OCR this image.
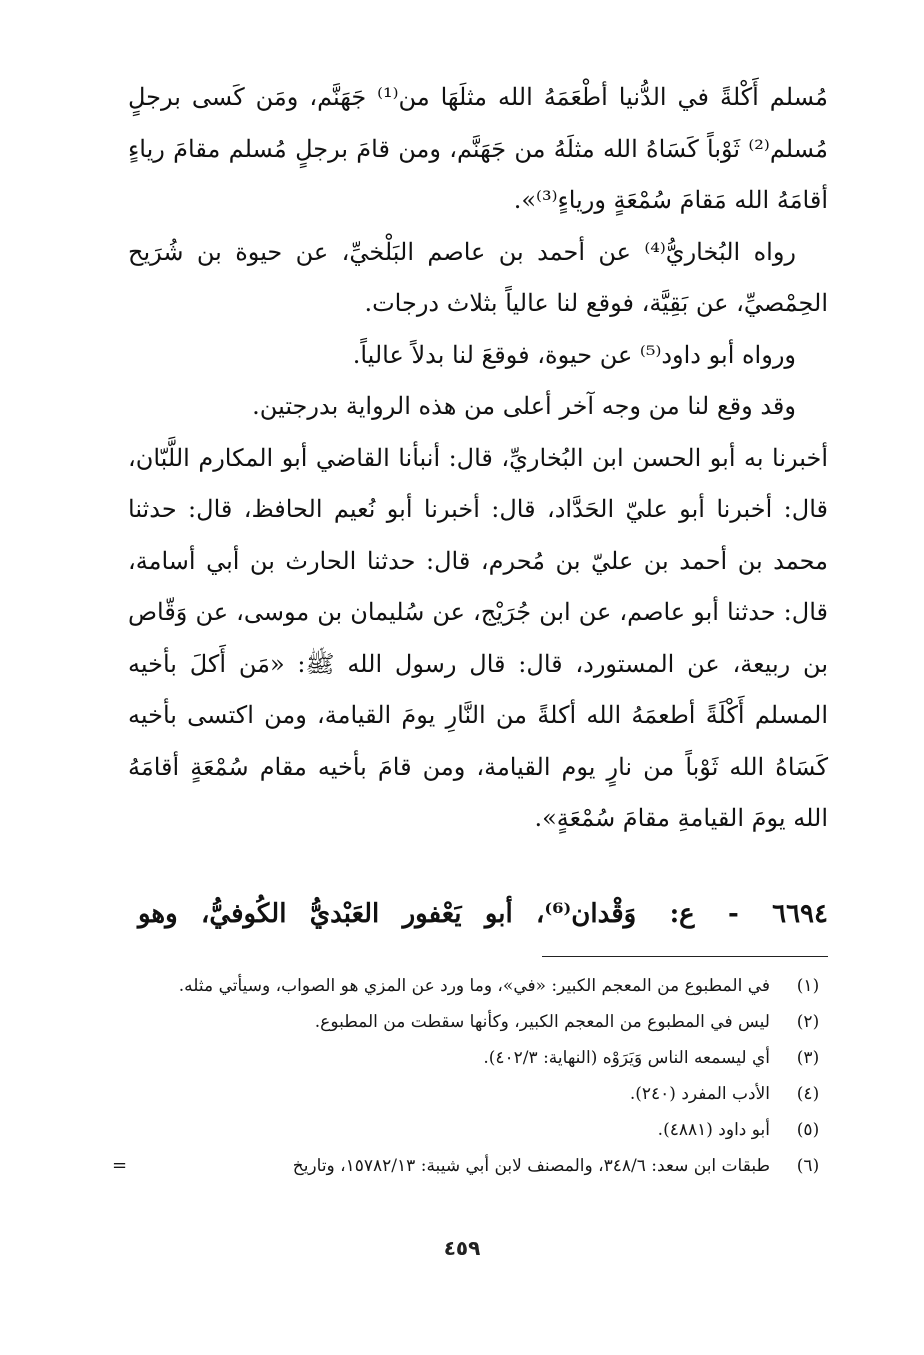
مُسلم أَكْلةً في الدُّنيا أطْعَمَهُ الله مثلَهَا من⁽¹⁾ جَهَنَّم، ومَن كَسى برجلٍ مُسلم⁽²⁾ ثَوْباً كَسَاهُ الله مثلَهُ من جَهَنَّم، ومن قامَ برجلٍ مُسلم مقامَ رياءٍ أقامَهُ الله مَقامَ سُمْعَةٍ ورياءٍ⁽³⁾».

رواه البُخاريُّ⁽⁴⁾ عن أحمد بن عاصم البَلْخيِّ، عن حيوة بن شُرَيح الحِمْصيِّ، عن بَقِيَّة، فوقع لنا عالياً بثلاث درجات.

ورواه أبو داود⁽⁵⁾ عن حيوة، فوقعَ لنا بدلاً عالياً.

وقد وقع لنا من وجه آخر أعلى من هذه الرواية بدرجتين.

أخبرنا به أبو الحسن ابن البُخاريِّ، قال: أنبأنا القاضي أبو المكارم اللَّبّان، قال: أخبرنا أبو عليّ الحَدَّاد، قال: أخبرنا أبو نُعيم الحافظ، قال: حدثنا محمد بن أحمد بن عليّ بن مُحرم، قال: حدثنا الحارث بن أبي أسامة، قال: حدثنا أبو عاصم، عن ابن جُرَيْج، عن سُليمان بن موسى، عن وَقّاص بن ربيعة، عن المستورد، قال: قال رسول الله ﷺ: «مَن أَكلَ بأخيه المسلم أَكْلَةً أطعمَهُ الله أكلةً من النَّارِ يومَ القيامة، ومن اكتسى بأخيه كَسَاهُ الله ثَوْباً من نارٍ يوم القيامة، ومن قامَ بأخيه مقام سُمْعَةٍ أقامَهُ الله يومَ القيامةِ مقامَ سُمْعَةٍ».

٦٦٩٤ - ع: وَقْدان⁽⁶⁾، أبو يَعْفور العَبْديُّ الكُوفيُّ، وهو
(١)
في المطبوع من المعجم الكبير: «في»، وما ورد عن المزي هو الصواب، وسيأتي مثله.
(٢)
ليس في المطبوع من المعجم الكبير، وكأنها سقطت من المطبوع.
(٣)
أي ليسمعه الناس وَيَرَوْه (النهاية: ٤٠٢/٣).
(٤)
الأدب المفرد (٢٤٠).
(٥)
أبو داود (٤٨٨١).
(٦)
طبقات ابن سعد: ٣٤٨/٦، والمصنف لابن أبي شيبة: ١٥٧٨٢/١٣، وتاريخ
=
٤٥٩
